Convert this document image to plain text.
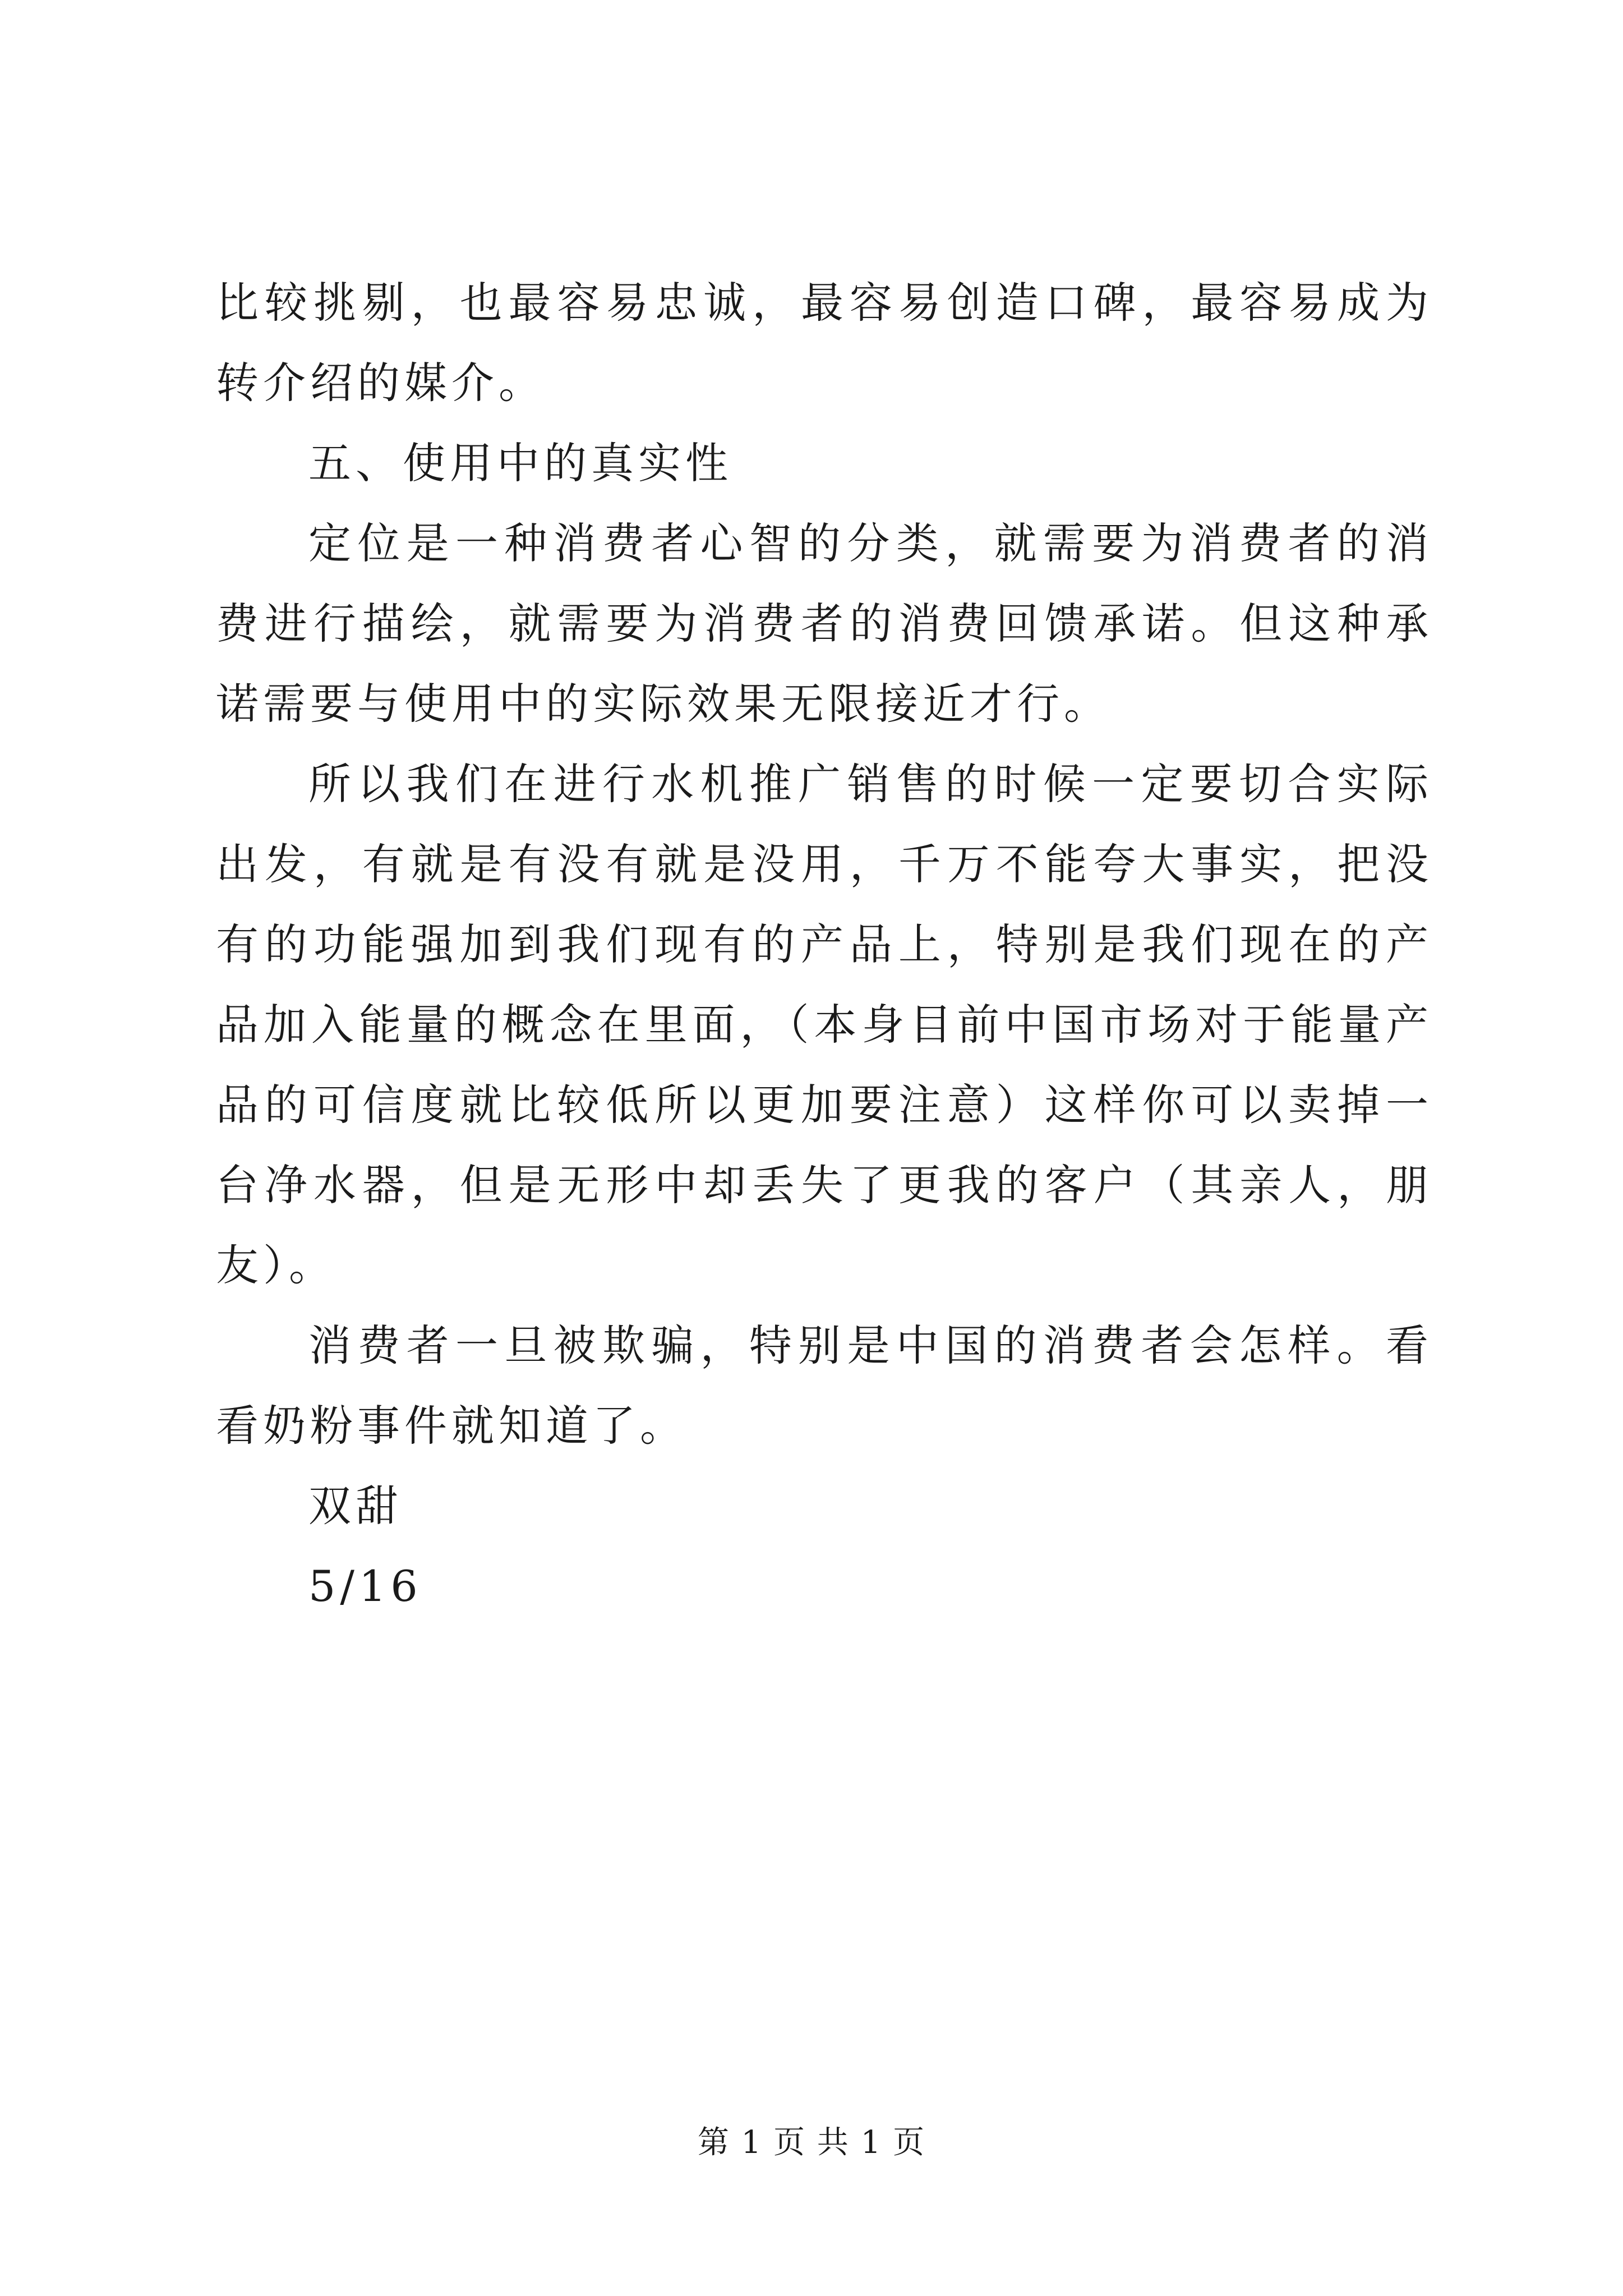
比较挑剔，也最容易忠诚，最容易创造口碑，最容易成为转介绍的媒介。

五、使用中的真实性

定位是一种消费者心智的分类，就需要为消费者的消费进行描绘，就需要为消费者的消费回馈承诺。但这种承诺需要与使用中的实际效果无限接近才行。

所以我们在进行水机推广销售的时候一定要切合实际出发，有就是有没有就是没用，千万不能夸大事实，把没有的功能强加到我们现有的产品上，特别是我们现在的产品加入能量的概念在里面，（本身目前中国市场对于能量产品的可信度就比较低所以更加要注意）这样你可以卖掉一台净水器，但是无形中却丢失了更我的客户（其亲人，朋友）。

消费者一旦被欺骗，特别是中国的消费者会怎样。看看奶粉事件就知道了。

双甜

5/16

第 1 页 共 1 页
